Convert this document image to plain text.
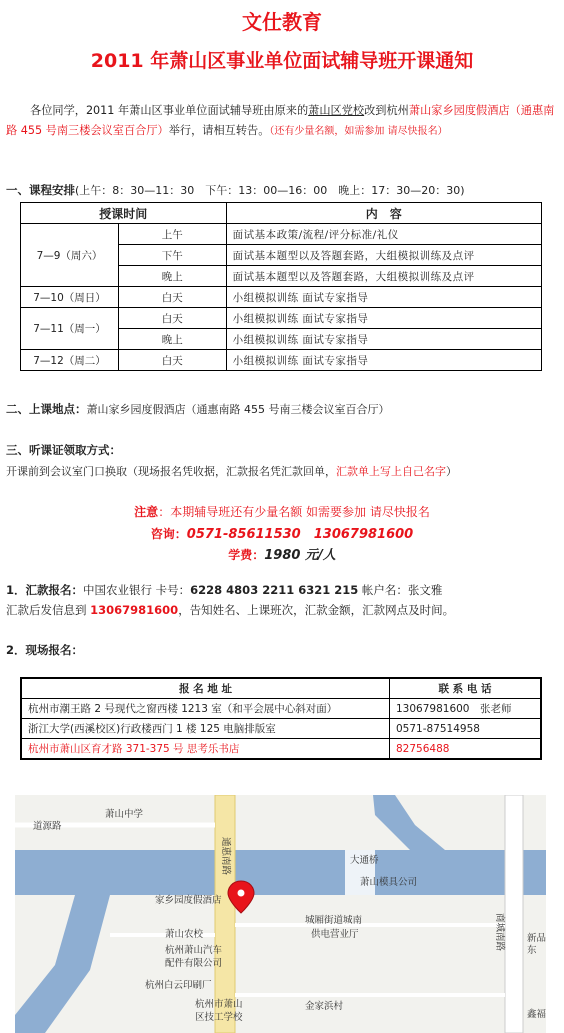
文仕教育
2011 年萧山区事业单位面试辅导班开课通知
各位同学，2011 年萧山区事业单位面试辅导班由原来的萧山区党校改到杭州萧山家乡园度假酒店（通惠南路 455 号南三楼会议室百合厅）举行，请相互转告。（还有少量名额，如需参加 请尽快报名）
一、课程安排(上午：8：30—11：30　下午：13：00—16：00　晚上：17：30—20：30)
授课时间		内　容
7—9（周六）	上午	面试基本政策/流程/评分标准/礼仪
	下午	面试基本题型以及答题套路，大组模拟训练及点评
	晚上	面试基本题型以及答题套路，大组模拟训练及点评
7—10（周日）	白天	小组模拟训练 面试专家指导
7—11（周一）	白天	小组模拟训练 面试专家指导
	晚上	小组模拟训练 面试专家指导
7—12（周二）	白天	小组模拟训练 面试专家指导
二、上课地点：萧山家乡园度假酒店（通惠南路 455 号南三楼会议室百合厅）
三、听课证领取方式：
开课前到会议室门口换取（现场报名凭收据，汇款报名凭汇款回单，汇款单上写上自己名字）
注意：本期辅导班还有少量名额 如需要参加 请尽快报名
咨询：0571-85611530　13067981600
学费：1980 元/人
1．汇款报名：中国农业银行 卡号：6228 4803 2211 6321 215 帐户名：张文雅
汇款后发信息到 13067981600，告知姓名、上课班次，汇款金额，汇款网点及时间。
2．现场报名：
报 名 地 址	联 系 电 话
杭州市潮王路 2 号现代之窗西楼 1213 室（和平会展中心斜对面）	13067981600　张老师
浙江大学(西溪校区)行政楼西门 1 楼 125 电脑排版室	0571-87514958
杭州市萧山区育才路 371-375 号 思考乐书店	82756488
萧山中学
道源路
通惠南路	大通桥
萧山模具公司
家乡园度假酒店
城厢街道城南
供电营业厅	商城南路
萧山农校
杭州萧山汽车
配件有限公司
杭州白云印刷厂
杭州市萧山
区技工学校
金家浜村
新品
东
鑫福
